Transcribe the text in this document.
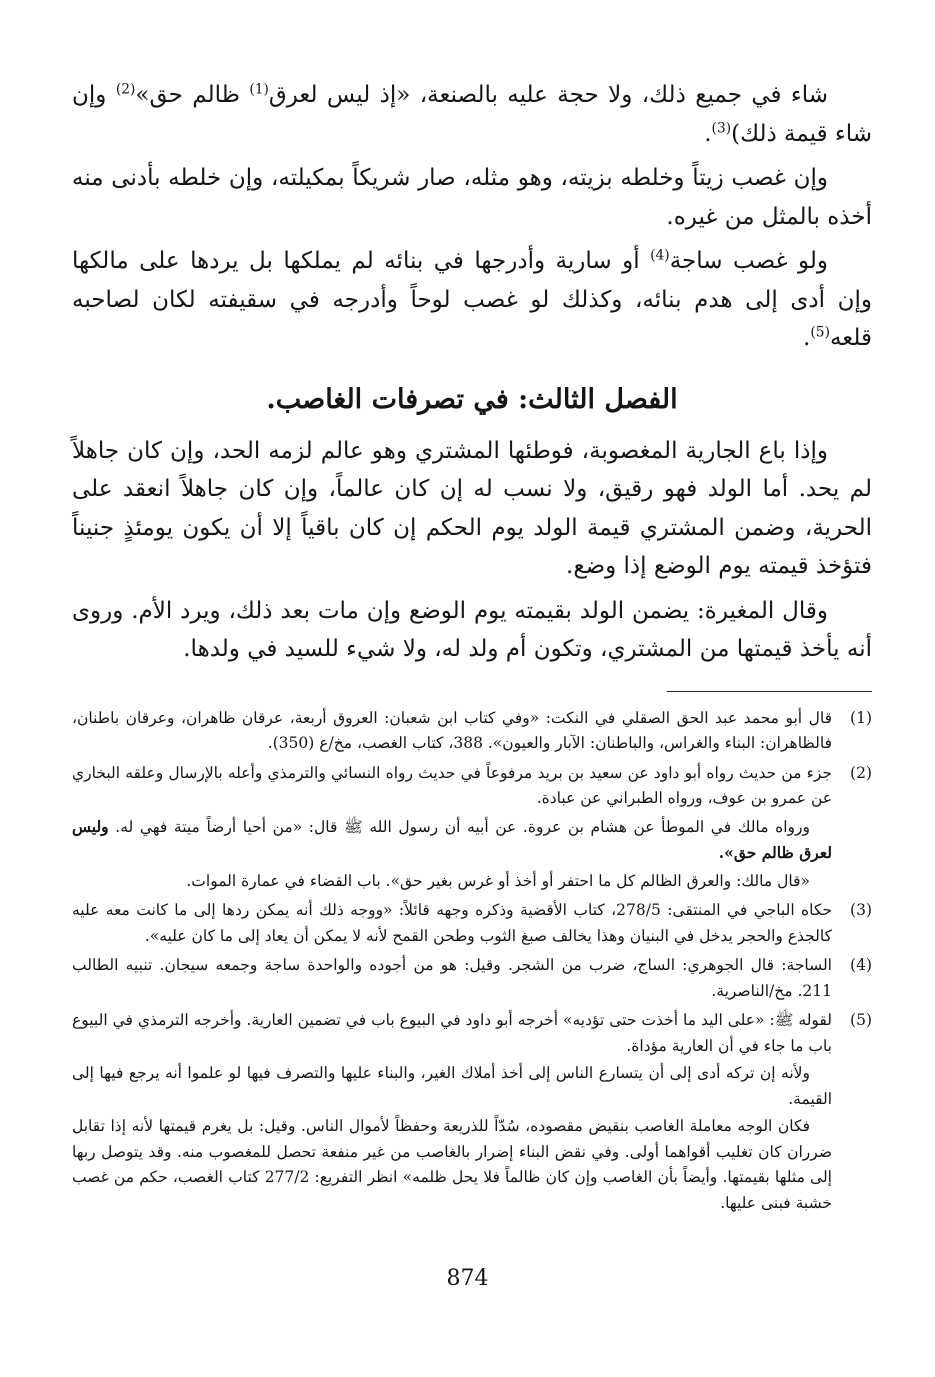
شاء في جميع ذلك، ولا حجة عليه بالصنعة، «إذ ليس لعرق$^{(1)}$ ظالم حق»$^{(2)}$ وإن شاء قيمة ذلك)$^{(3)}$.

وإن غصب زيتاً وخلطه بزيته، وهو مثله، صار شريكاً بمكيلته، وإن خلطه بأدنى منه أخذه بالمثل من غيره.

ولو غصب ساجة$^{(4)}$ أو سارية وأدرجها في بنائه لم يملكها بل يردها على مالكها وإن أدى إلى هدم بنائه، وكذلك لو غصب لوحاً وأدرجه في سقيفته لكان لصاحبه قلعه$^{(5)}$.

الفصل الثالث: في تصرفات الغاصب.

وإذا باع الجارية المغصوبة، فوطئها المشتري وهو عالم لزمه الحد، وإن كان جاهلاً لم يحد. أما الولد فهو رقيق، ولا نسب له إن كان عالماً، وإن كان جاهلاً انعقد على الحرية، وضمن المشتري قيمة الولد يوم الحكم إن كان باقياً إلا أن يكون يومئذٍ جنيناً فتؤخذ قيمته يوم الوضع إذا وضع.

وقال المغيرة: يضمن الولد بقيمته يوم الوضع وإن مات بعد ذلك، ويرد الأم. وروى أنه يأخذ قيمتها من المشتري، وتكون أم ولد له، ولا شيء للسيد في ولدها.

(1)
قال أبو محمد عبد الحق الصقلي في النكت: «وفي كتاب ابن شعبان: العروق أربعة، عرقان ظاهران، وعرقان باطنان، فالظاهران: البناء والغراس، والباطنان: الآبار والعيون». 388، كتاب الغصب، مخ/ع (350).
(2)
جزء من حديث رواه أبو داود عن سعيد بن بريد مرفوعاً في حديث رواه النسائي والترمذي وأعله بالإرسال وعلقه البخاري عن عمرو بن عوف، ورواه الطبراني عن عبادة.
ورواه مالك في الموطأ عن هشام بن عروة. عن أبيه أن رسول الله ﷺ قال: «من أحيا أرضاً ميتة فهي له. وليس لعرق ظالم حق».
«قال مالك: والعرق الظالم كل ما احتفر أو أخذ أو غرس بغير حق». باب القضاء في عمارة الموات.
(3)
حكاه الباجي في المنتقى: 278/5، كتاب الأقضية وذكره وجهه قائلاً: «ووجه ذلك أنه يمكن ردها إلى ما كانت معه عليه كالجذع والحجر يدخل في البنيان وهذا يخالف صبغ الثوب وطحن القمح لأنه لا يمكن أن يعاد إلى ما كان عليه».
(4)
الساجة: قال الجوهري: الساج، ضرب من الشجر. وقيل: هو من أجوده والواحدة ساجة وجمعه سيجان. تنبيه الطالب 211. مخ/الناصرية.
(5)
لقوله ﷺ: «على اليد ما أخذت حتى تؤديه» أخرجه أبو داود في البيوع باب في تضمين العارية. وأخرجه الترمذي في البيوع باب ما جاء في أن العارية مؤداة.
ولأنه إن تركه أدى إلى أن يتسارع الناس إلى أخذ أملاك الغير، والبناء عليها والتصرف فيها لو علموا أنه يرجع فيها إلى القيمة.
فكان الوجه معاملة الغاصب بنقيض مقصوده، سُدّاً للذريعة وحفظاً لأموال الناس. وقيل: بل يغرم قيمتها لأنه إذا تقابل ضرران كان تغليب أقواهما أولى. وفي نقض البناء إضرار بالغاصب من غير منفعة تحصل للمغصوب منه. وقد يتوصل ربها إلى مثلها بقيمتها. وأيضاً بأن الغاصب وإن كان ظالماً فلا يحل ظلمه» انظر التفريع: 277/2 كتاب الغصب، حكم من غصب خشبة فبنى عليها.
874
